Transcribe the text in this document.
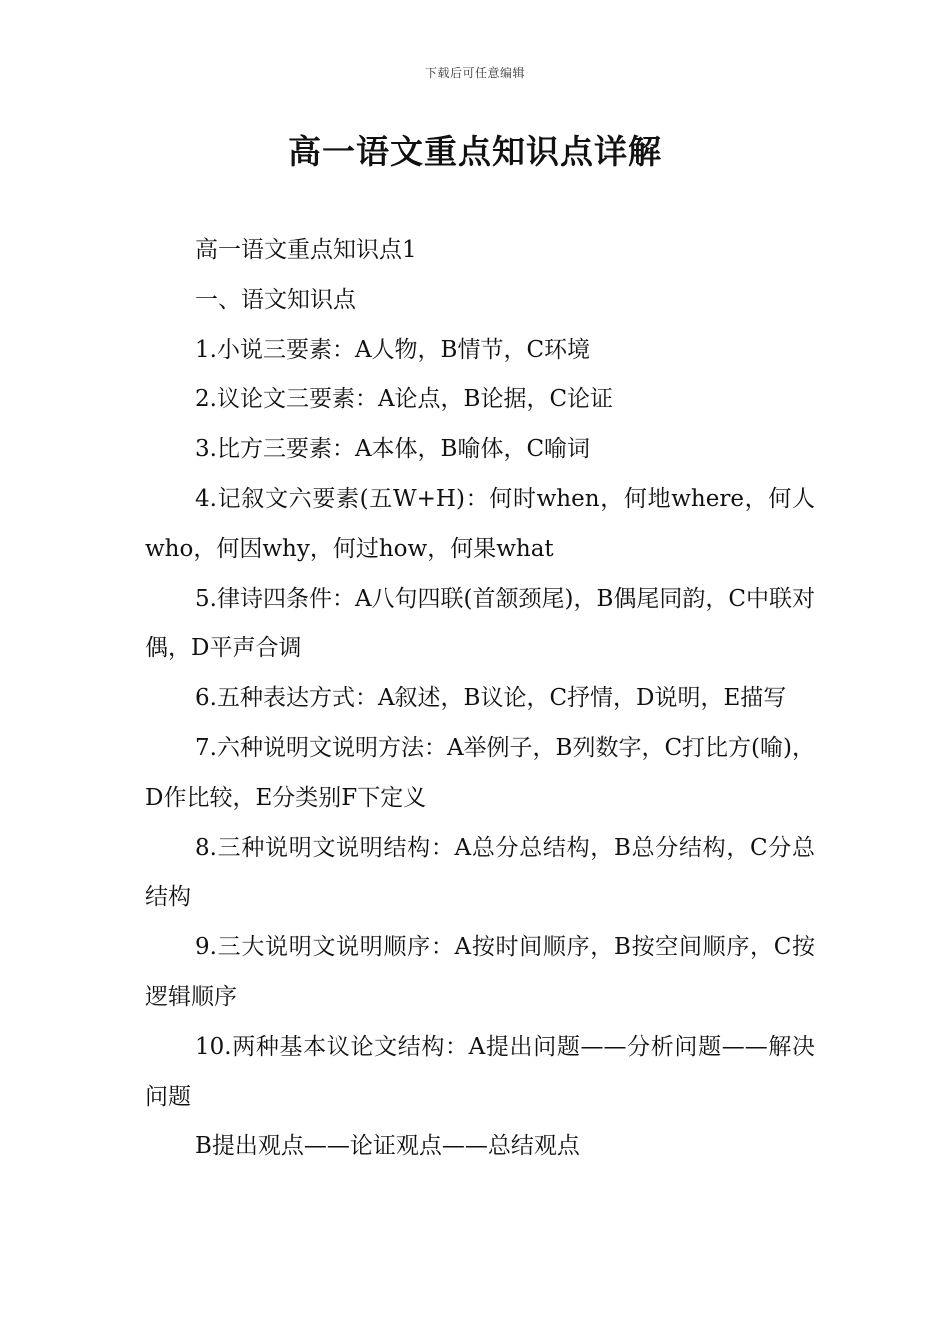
下载后可任意编辑
高一语文重点知识点详解

高一语文重点知识点1

一、语文知识点

1.小说三要素：A人物，B情节，C环境

2.议论文三要素：A论点，B论据，C论证

3.比方三要素：A本体，B喻体，C喻词

4.记叙文六要素(五W+H)：何时when，何地where，何人who，何因why，何过how，何果what

5.律诗四条件：A八句四联(首颔颈尾)，B偶尾同韵，C中联对偶，D平声合调

6.五种表达方式：A叙述，B议论，C抒情，D说明，E描写

7.六种说明文说明方法：A举例子，B列数字，C打比方(喻)，D作比较，E分类别F下定义

8.三种说明文说明结构：A总分总结构，B总分结构，C分总结构

9.三大说明文说明顺序：A按时间顺序，B按空间顺序，C按逻辑顺序

10.两种基本议论文结构：A提出问题——分析问题——解决问题

B提出观点——论证观点——总结观点
